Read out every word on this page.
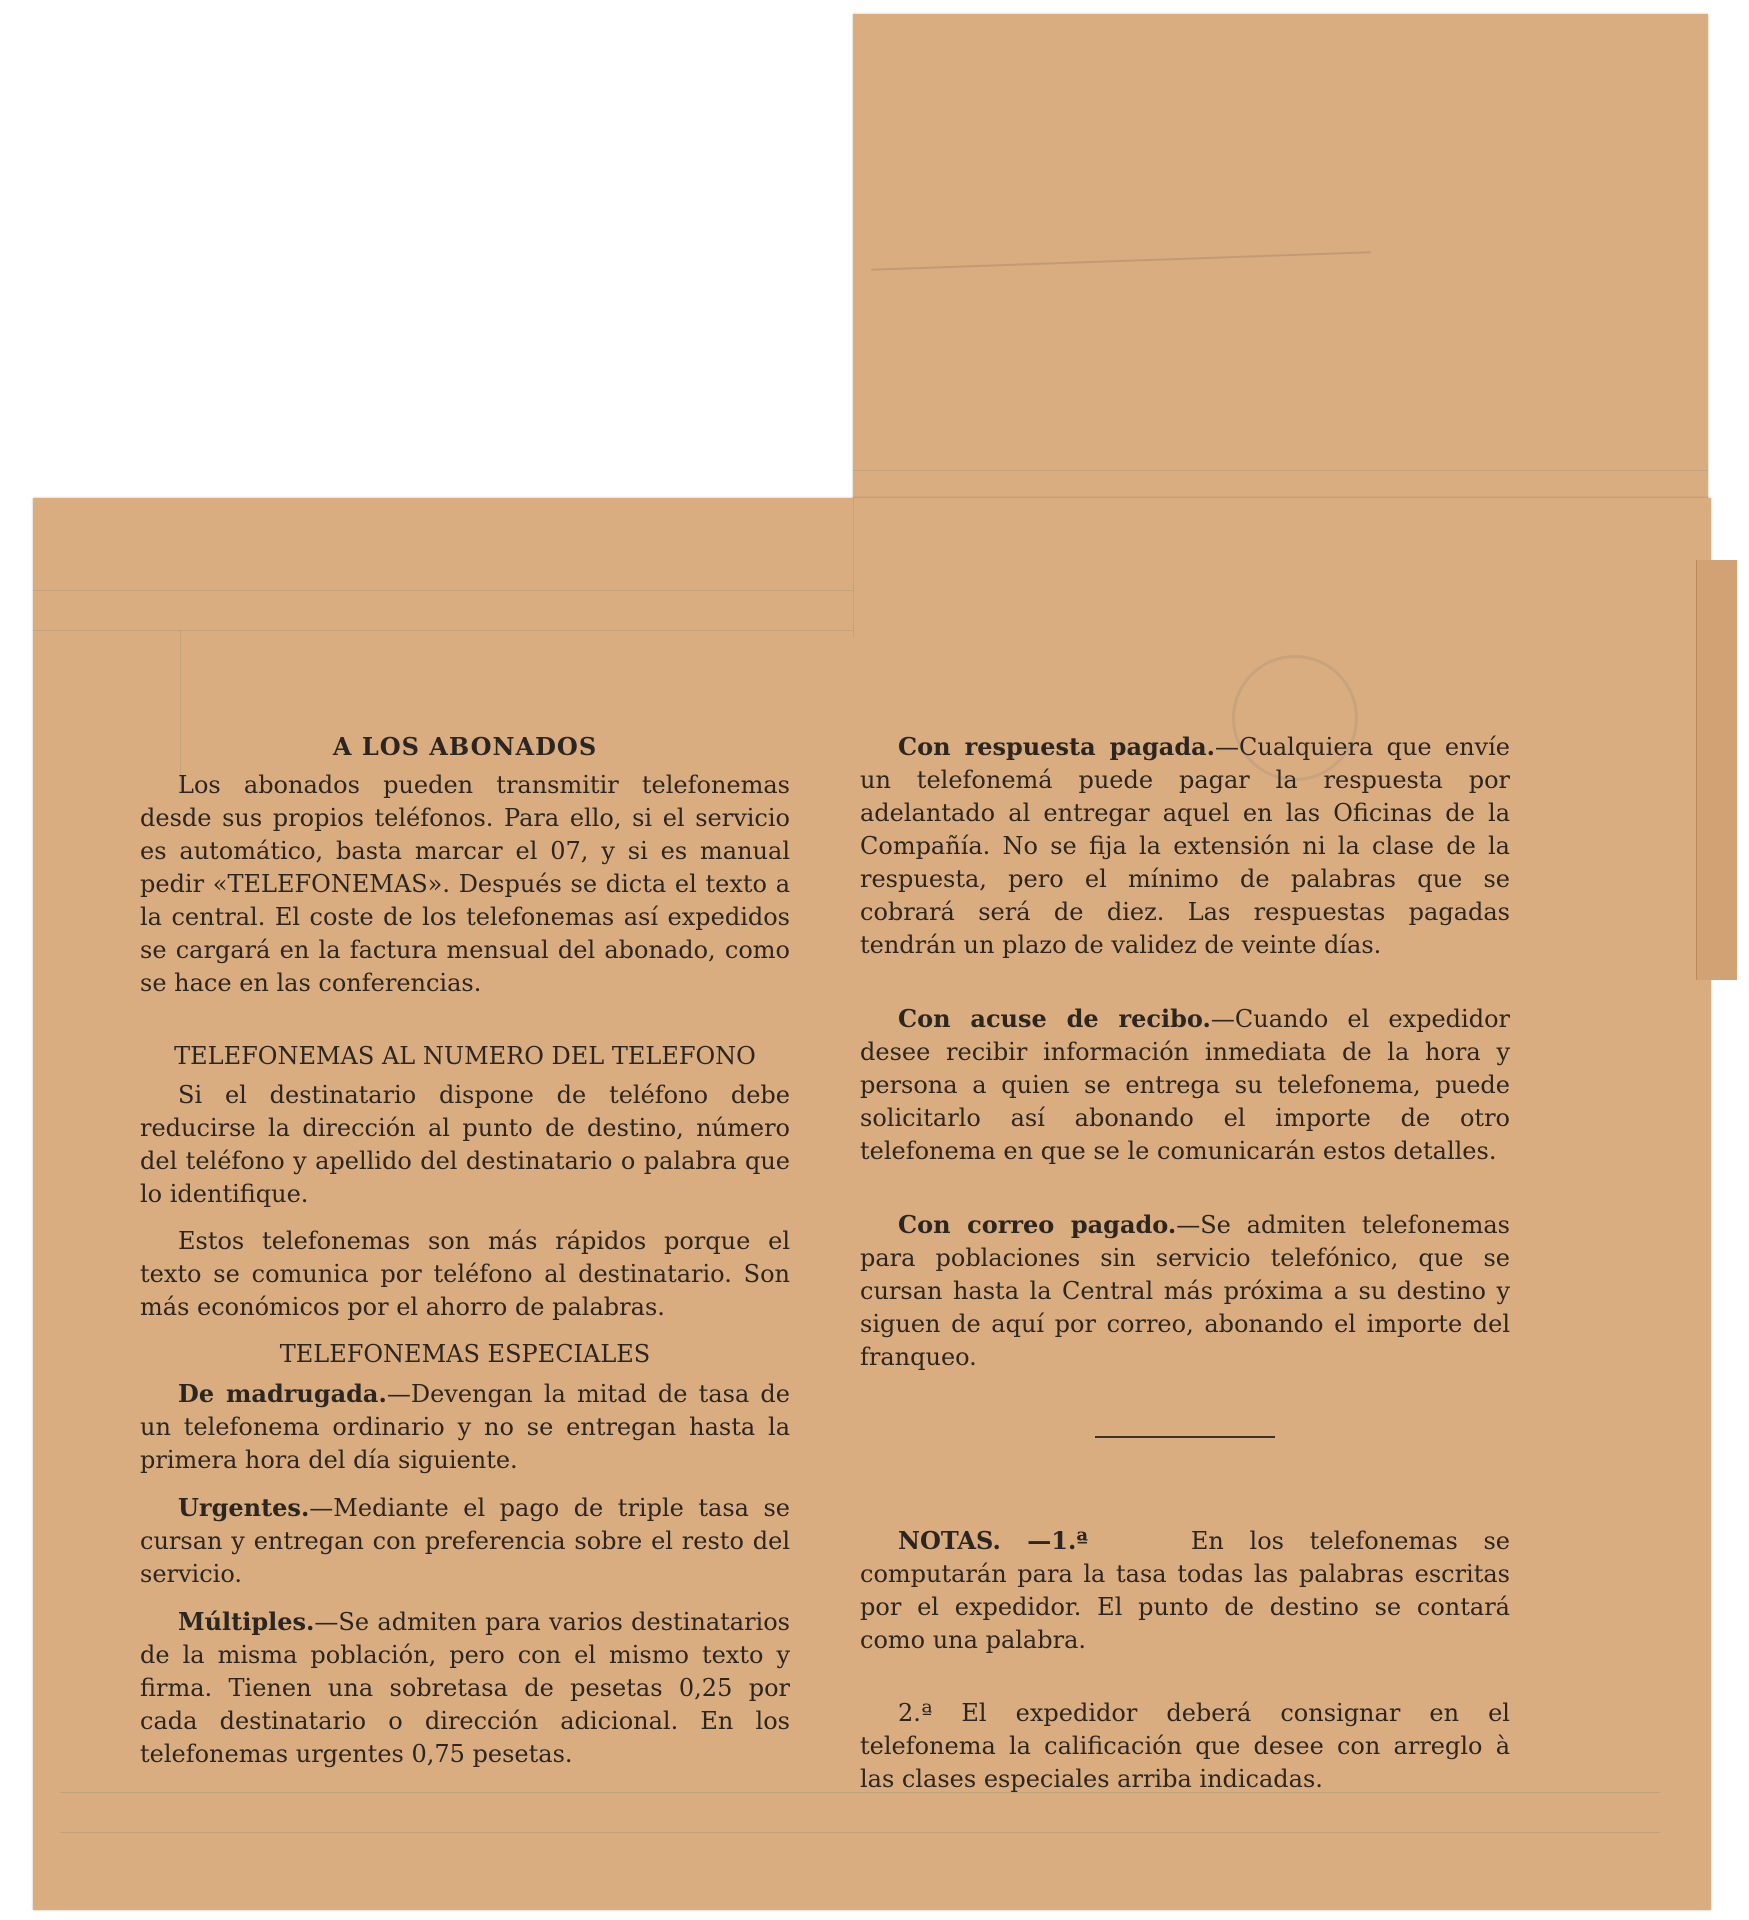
A LOS ABONADOS

Los abonados pueden transmitir telefonemas desde sus propios teléfonos. Para ello, si el servicio es automático, basta marcar el 07, y si es manual pedir «TELEFONEMAS». Después se dicta el texto a la central. El coste de los telefonemas así expedidos se cargará en la factura mensual del abonado, como se hace en las conferencias.

TELEFONEMAS AL NUMERO DEL TELEFONO

Si el destinatario dispone de teléfono debe reducirse la dirección al punto de destino, número del teléfono y apellido del destinatario o palabra que lo identifique.

Estos telefonemas son más rápidos porque el texto se comunica por teléfono al destinatario. Son más económicos por el ahorro de palabras.

TELEFONEMAS ESPECIALES

De madrugada.—Devengan la mitad de tasa de un telefonema ordinario y no se entregan hasta la primera hora del día siguiente.

Urgentes.—Mediante el pago de triple tasa se cursan y entregan con preferencia sobre el resto del servicio.

Múltiples.—Se admiten para varios destinatarios de la misma población, pero con el mismo texto y firma. Tienen una sobretasa de pesetas 0,25 por cada destinatario o dirección adicional. En los telefonemas urgentes 0,75 pesetas.

Con respuesta pagada.—Cualquiera que envíe un telefonemá puede pagar la respuesta por adelantado al entregar aquel en las Oficinas de la Compañía. No se fija la extensión ni la clase de la respuesta, pero el mínimo de palabras que se cobrará será de diez. Las respuestas pagadas tendrán un plazo de validez de veinte días.

Con acuse de recibo.—Cuando el expedidor desee recibir información inmediata de la hora y persona a quien se entrega su telefonema, puede solicitarlo así abonando el importe de otro telefonema en que se le comunicarán estos detalles.

Con correo pagado.—Se admiten telefonemas para poblaciones sin servicio telefónico, que se cursan hasta la Central más próxima a su destino y siguen de aquí por correo, abonando el importe del franqueo.

NOTAS. —1.ª	En los telefonemas se computarán para la tasa todas las palabras escritas por el expedidor. El punto de destino se contará como una palabra.

2.ª El expedidor deberá consignar en el telefonema la calificación que desee con arreglo à las clases especiales arriba indicadas.
